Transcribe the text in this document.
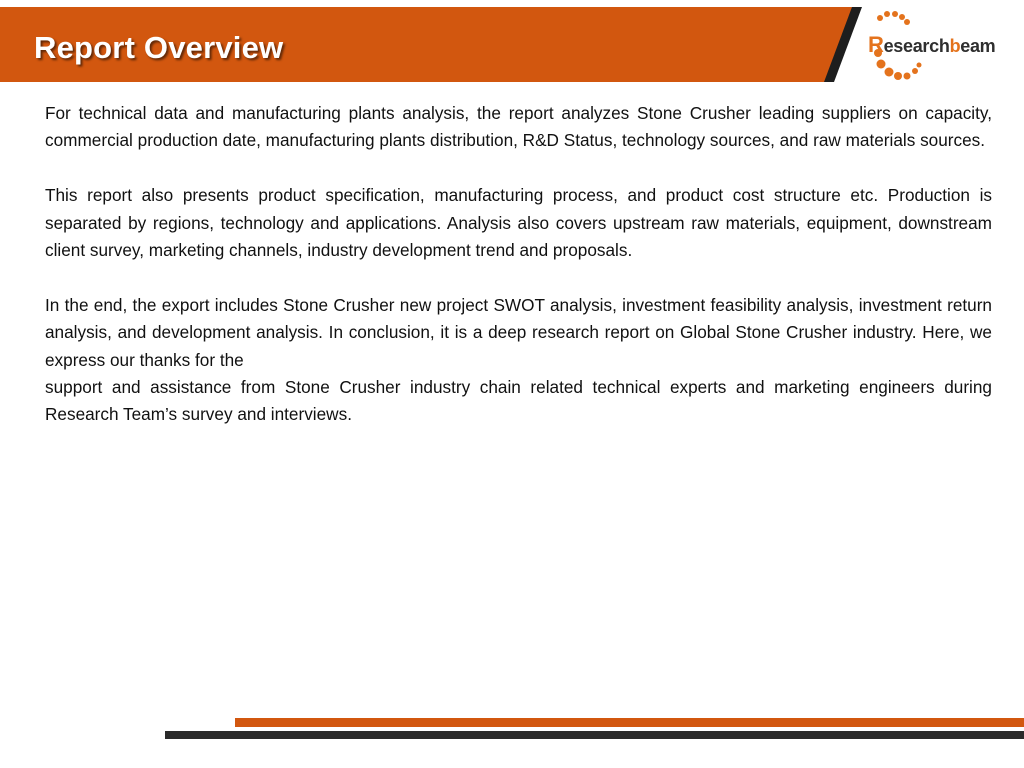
Report Overview	Researchbeam

For technical data and manufacturing plants analysis, the report analyzes Stone Crusher leading suppliers on capacity, commercial production date, manufacturing plants distribution, R&D Status, technology sources, and raw materials sources.

This report also presents product specification, manufacturing process, and product cost structure etc. Production is separated by regions, technology and applications. Analysis also covers upstream raw materials, equipment, downstream client survey, marketing channels, industry development trend and proposals.

In the end, the export includes Stone Crusher new project SWOT analysis, investment feasibility analysis, investment return analysis, and development analysis. In conclusion, it is a deep research report on Global Stone Crusher industry. Here, we express our thanks for the

support and assistance from Stone Crusher industry chain related technical experts and marketing engineers during Research Team’s survey and interviews.
